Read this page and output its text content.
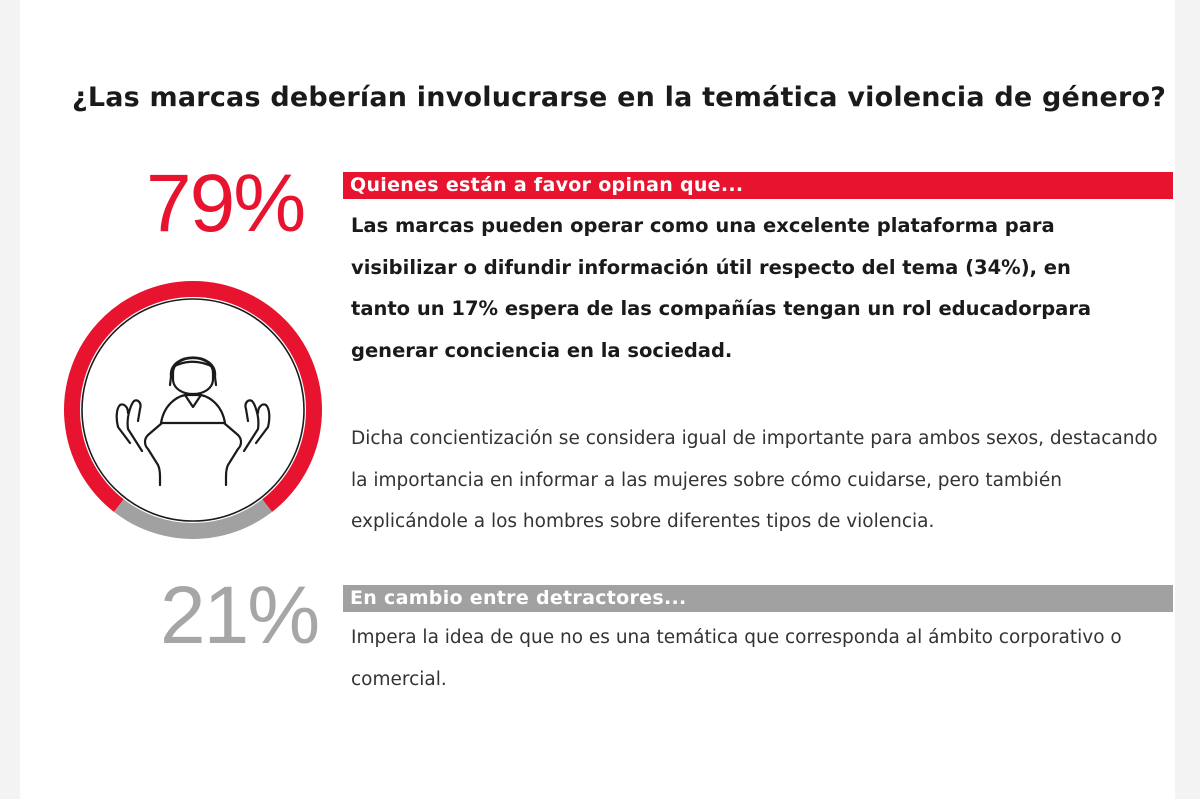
¿Las marcas deberían involucrarse en la temática violencia de género?
79%	Quienes están a favor opinan que...
Las marcas pueden operar como una excelente plataforma para visibilizar o difundir información útil respecto del tema (34%), en tanto un 17% espera de las compañías tengan un rol educadorpara generar conciencia en la sociedad.
Dicha concientización se considera igual de importante para ambos sexos, destacando la importancia en informar a las mujeres sobre cómo cuidarse, pero también explicándole a los hombres sobre diferentes tipos de violencia.
21%	En cambio entre detractores...
Impera la idea de que no es una temática que corresponda al ámbito corporativo o comercial.
